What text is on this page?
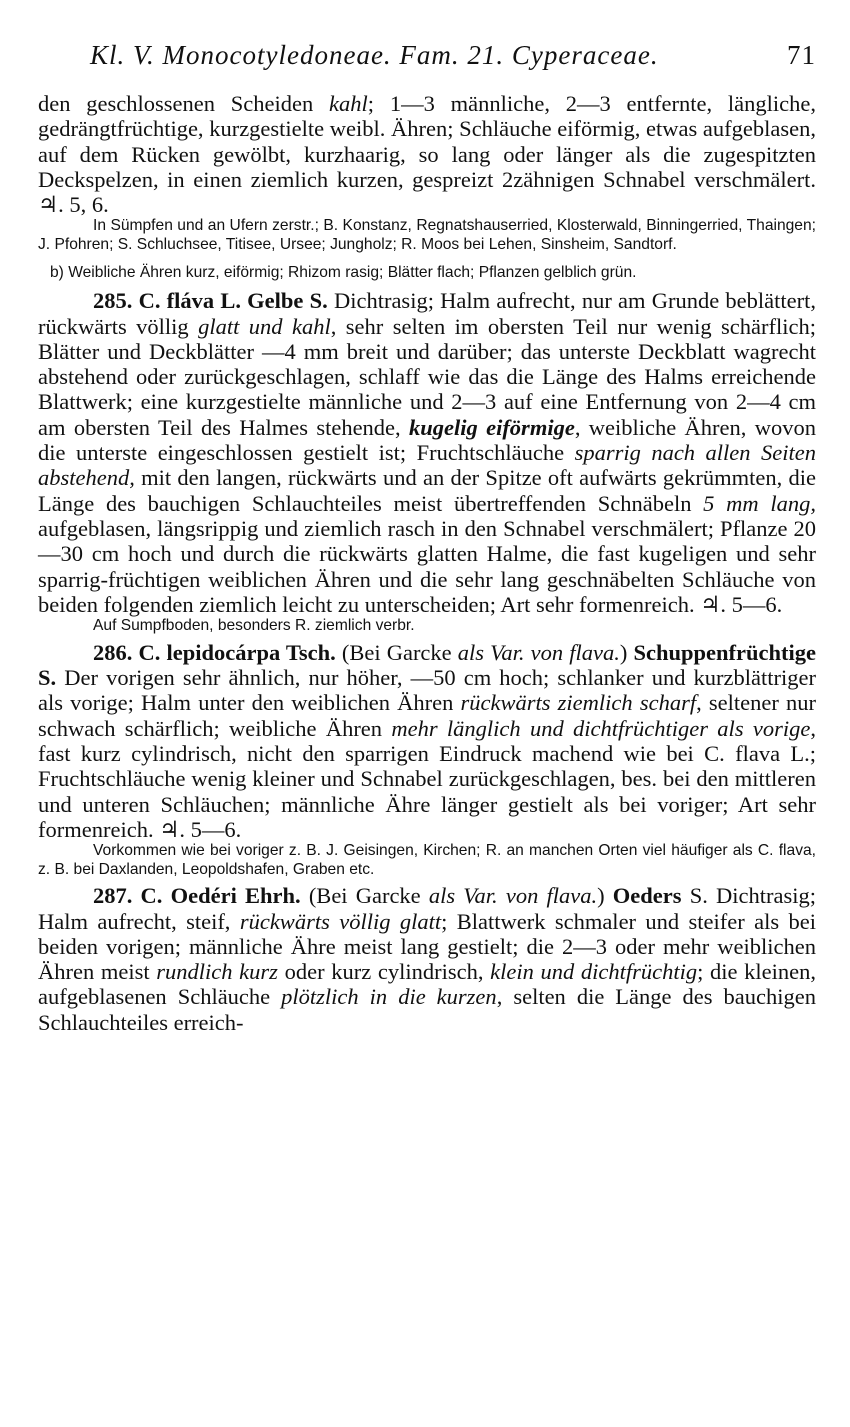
Kl. V. Monocotyledoneae. Fam. 21. Cyperaceae.	71

den geschlossenen Scheiden kahl; 1—3 männliche, 2—3 entfernte, längliche, gedrängtfrüchtige, kurzgestielte weibl. Ähren; Schläuche eiförmig, etwas aufgeblasen, auf dem Rücken gewölbt, kurzhaarig, so lang oder länger als die zugespitzten Deckspelzen, in einen ziemlich kurzen, gespreizt 2zähnigen Schnabel verschmälert. ♃. 5, 6.

In Sümpfen und an Ufern zerstr.; B. Konstanz, Regnatshauserried, Klosterwald, Binningerried, Thaingen; J. Pfohren; S. Schluchsee, Titisee, Ursee; Jungholz; R. Moos bei Lehen, Sinsheim, Sandtorf.

b) Weibliche Ähren kurz, eiförmig; Rhizom rasig; Blätter flach; Pflanzen gelblich grün.

285. C. fláva L. Gelbe S. Dichtrasig; Halm aufrecht, nur am Grunde beblättert, rückwärts völlig glatt und kahl, sehr selten im obersten Teil nur wenig schärflich; Blätter und Deckblätter —4 mm breit und darüber; das unterste Deckblatt wagrecht abstehend oder zurückgeschlagen, schlaff wie das die Länge des Halms erreichende Blattwerk; eine kurzgestielte männliche und 2—3 auf eine Entfernung von 2—4 cm am obersten Teil des Halmes stehende, kugelig eiförmige, weibliche Ähren, wovon die unterste eingeschlossen gestielt ist; Fruchtschläuche sparrig nach allen Seiten abstehend, mit den langen, rückwärts und an der Spitze oft aufwärts gekrümmten, die Länge des bauchigen Schlauchteiles meist übertreffenden Schnäbeln 5 mm lang, aufgeblasen, längsrippig und ziemlich rasch in den Schnabel verschmälert; Pflanze 20—30 cm hoch und durch die rückwärts glatten Halme, die fast kugeligen und sehr sparrig-früchtigen weiblichen Ähren und die sehr lang geschnäbelten Schläuche von beiden folgenden ziemlich leicht zu unterscheiden; Art sehr formenreich. ♃. 5—6.

Auf Sumpfboden, besonders R. ziemlich verbr.

286. C. lepidocárpa Tsch. (Bei Garcke als Var. von flava.) Schuppenfrüchtige S. Der vorigen sehr ähnlich, nur höher, —50 cm hoch; schlanker und kurzblättriger als vorige; Halm unter den weiblichen Ähren rückwärts ziemlich scharf, seltener nur schwach schärflich; weibliche Ähren mehr länglich und dichtfrüchtiger als vorige, fast kurz cylindrisch, nicht den sparrigen Eindruck machend wie bei C. flava L.; Fruchtschläuche wenig kleiner und Schnabel zurückgeschlagen, bes. bei den mittleren und unteren Schläuchen; männliche Ähre länger gestielt als bei voriger; Art sehr formenreich. ♃. 5—6.

Vorkommen wie bei voriger z. B. J. Geisingen, Kirchen; R. an manchen Orten viel häufiger als C. flava, z. B. bei Daxlanden, Leopoldshafen, Graben etc.

287. C. Oedéri Ehrh. (Bei Garcke als Var. von flava.) Oeders S. Dichtrasig; Halm aufrecht, steif, rückwärts völlig glatt; Blattwerk schmaler und steifer als bei beiden vorigen; männliche Ähre meist lang gestielt; die 2—3 oder mehr weiblichen Ähren meist rundlich kurz oder kurz cylindrisch, klein und dichtfrüchtig; die kleinen, aufgeblasenen Schläuche plötzlich in die kurzen, selten die Länge des bauchigen Schlauchteiles erreich-
